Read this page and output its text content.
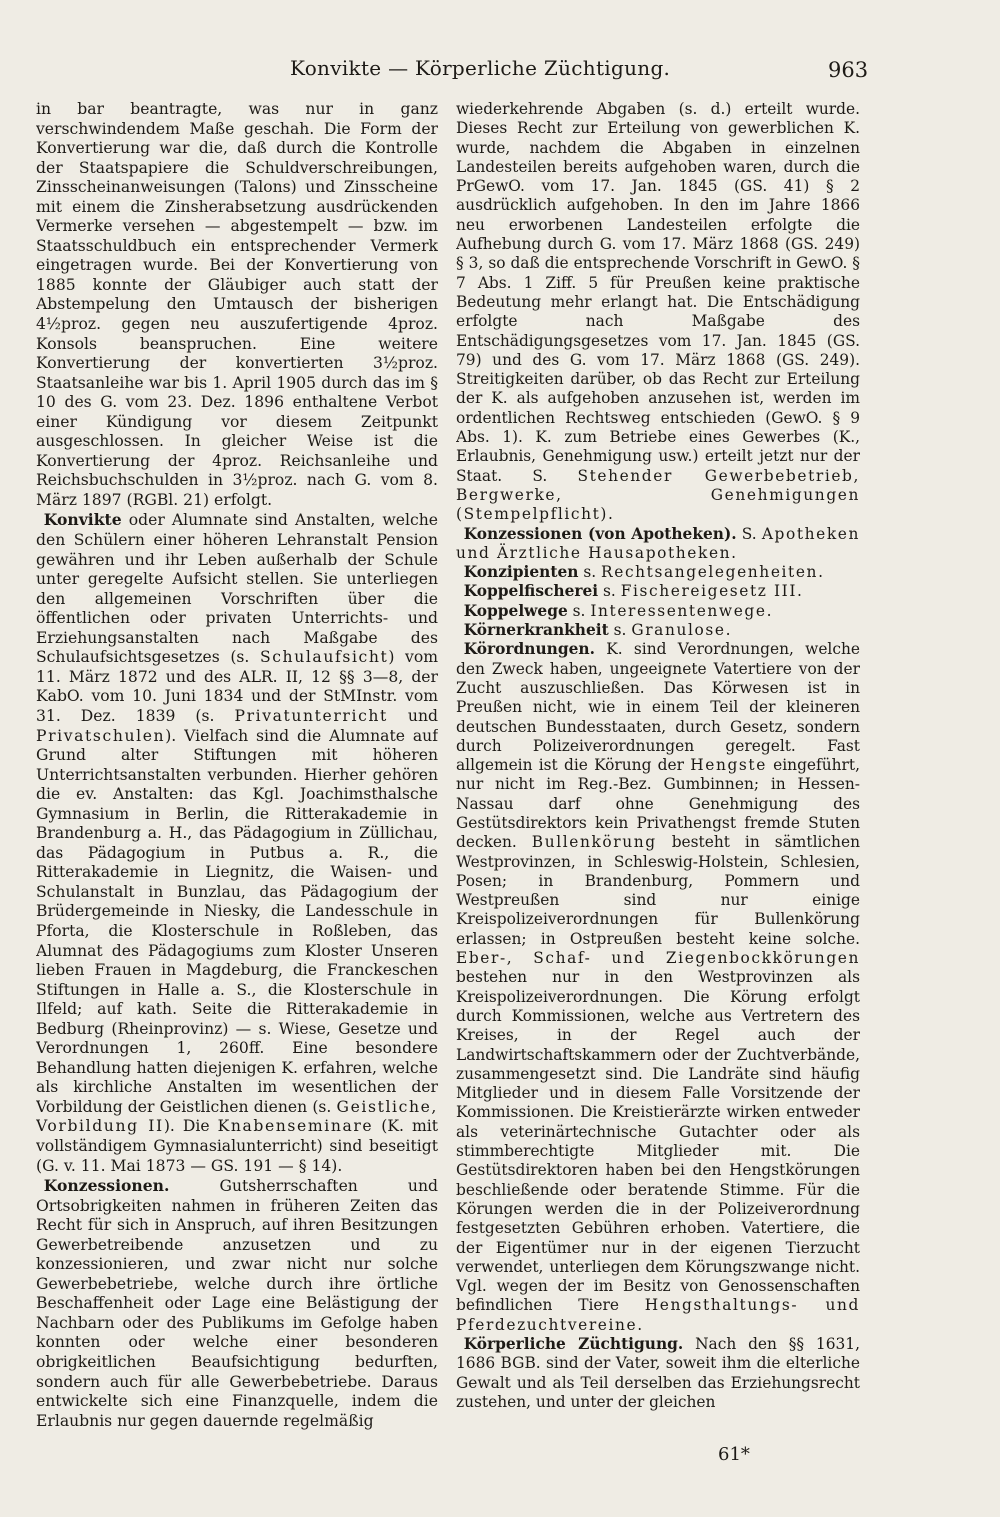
Konvikte — Körperliche Züchtigung.	963

in bar beantragte, was nur in ganz verschwindendem Maße geschah. Die Form der Konvertierung war die, daß durch die Kontrolle der Staatspapiere die Schuldverschreibungen, Zinsscheinanweisungen (Talons) und Zinsscheine mit einem die Zinsherabsetzung ausdrückenden Vermerke versehen — abgestempelt — bzw. im Staatsschuldbuch ein entsprechender Vermerk eingetragen wurde. Bei der Konvertierung von 1885 konnte der Gläubiger auch statt der Abstempelung den Umtausch der bisherigen 4½proz. gegen neu auszufertigende 4proz. Konsols beanspruchen. Eine weitere Konvertierung der konvertierten 3½proz. Staatsanleihe war bis 1. April 1905 durch das im § 10 des G. vom 23. Dez. 1896 enthaltene Verbot einer Kündigung vor diesem Zeitpunkt ausgeschlossen. In gleicher Weise ist die Konvertierung der 4proz. Reichsanleihe und Reichsbuchschulden in 3½proz. nach G. vom 8. März 1897 (RGBl. 21) erfolgt.

 Konvikte oder Alumnate sind Anstalten, welche den Schülern einer höheren Lehranstalt Pension gewähren und ihr Leben außerhalb der Schule unter geregelte Aufsicht stellen. Sie unterliegen den allgemeinen Vorschriften über die öffentlichen oder privaten Unterrichts- und Erziehungsanstalten nach Maßgabe des Schulaufsichtsgesetzes (s. Schulaufsicht) vom 11. März 1872 und des ALR. II, 12 §§ 3—8, der KabO. vom 10. Juni 1834 und der StMInstr. vom 31. Dez. 1839 (s. Privatunterricht und Privatschulen). Vielfach sind die Alumnate auf Grund alter Stiftungen mit höheren Unterrichtsanstalten verbunden. Hierher gehören die ev. Anstalten: das Kgl. Joachimsthalsche Gymnasium in Berlin, die Ritterakademie in Brandenburg a. H., das Pädagogium in Züllichau, das Pädagogium in Putbus a. R., die Ritterakademie in Liegnitz, die Waisen- und Schulanstalt in Bunzlau, das Pädagogium der Brüdergemeinde in Niesky, die Landesschule in Pforta, die Klosterschule in Roßleben, das Alumnat des Pädagogiums zum Kloster Unseren lieben Frauen in Magdeburg, die Franckeschen Stiftungen in Halle a. S., die Klosterschule in Ilfeld; auf kath. Seite die Ritterakademie in Bedburg (Rheinprovinz) — s. Wiese, Gesetze und Verordnungen 1, 260ff. Eine besondere Behandlung hatten diejenigen K. erfahren, welche als kirchliche Anstalten im wesentlichen der Vorbildung der Geistlichen dienen (s. Geistliche, Vorbildung II). Die Knabenseminare (K. mit vollständigem Gymnasialunterricht) sind beseitigt (G. v. 11. Mai 1873 — GS. 191 — § 14).

 Konzessionen. Gutsherrschaften und Ortsobrigkeiten nahmen in früheren Zeiten das Recht für sich in Anspruch, auf ihren Besitzungen Gewerbetreibende anzusetzen und zu konzessionieren, und zwar nicht nur solche Gewerbebetriebe, welche durch ihre örtliche Beschaffenheit oder Lage eine Belästigung der Nachbarn oder des Publikums im Gefolge haben konnten oder welche einer besonderen obrigkeitlichen Beaufsichtigung bedurften, sondern auch für alle Gewerbebetriebe. Daraus entwickelte sich eine Finanzquelle, indem die Erlaubnis nur gegen dauernde regelmäßig

wiederkehrende Abgaben (s. d.) erteilt wurde. Dieses Recht zur Erteilung von gewerblichen K. wurde, nachdem die Abgaben in einzelnen Landesteilen bereits aufgehoben waren, durch die PrGewO. vom 17. Jan. 1845 (GS. 41) § 2 ausdrücklich aufgehoben. In den im Jahre 1866 neu erworbenen Landesteilen erfolgte die Aufhebung durch G. vom 17. März 1868 (GS. 249) § 3, so daß die entsprechende Vorschrift in GewO. § 7 Abs. 1 Ziff. 5 für Preußen keine praktische Bedeutung mehr erlangt hat. Die Entschädigung erfolgte nach Maßgabe des Entschädigungsgesetzes vom 17. Jan. 1845 (GS. 79) und des G. vom 17. März 1868 (GS. 249). Streitigkeiten darüber, ob das Recht zur Erteilung der K. als aufgehoben anzusehen ist, werden im ordentlichen Rechtsweg entschieden (GewO. § 9 Abs. 1). K. zum Betriebe eines Gewerbes (K., Erlaubnis, Genehmigung usw.) erteilt jetzt nur der Staat. S. Stehender Gewerbebetrieb, Bergwerke, Genehmigungen (Stempelpflicht).

 Konzessionen (von Apotheken). S. Apotheken und Ärztliche Hausapotheken.

 Konzipienten s. Rechtsangelegenheiten.

 Koppelfischerei s. Fischereigesetz III.

 Koppelwege s. Interessentenwege.

 Körnerkrankheit s. Granulose.

 Körordnungen. K. sind Verordnungen, welche den Zweck haben, ungeeignete Vatertiere von der Zucht auszuschließen. Das Körwesen ist in Preußen nicht, wie in einem Teil der kleineren deutschen Bundesstaaten, durch Gesetz, sondern durch Polizeiverordnungen geregelt. Fast allgemein ist die Körung der Hengste eingeführt, nur nicht im Reg.-Bez. Gumbinnen; in Hessen-Nassau darf ohne Genehmigung des Gestütsdirektors kein Privathengst fremde Stuten decken. Bullenkörung besteht in sämtlichen Westprovinzen, in Schleswig-Holstein, Schlesien, Posen; in Brandenburg, Pommern und Westpreußen sind nur einige Kreispolizeiverordnungen für Bullenkörung erlassen; in Ostpreußen besteht keine solche. Eber-, Schaf- und Ziegenbockkörungen bestehen nur in den Westprovinzen als Kreispolizeiverordnungen. Die Körung erfolgt durch Kommissionen, welche aus Vertretern des Kreises, in der Regel auch der Landwirtschaftskammern oder der Zuchtverbände, zusammengesetzt sind. Die Landräte sind häufig Mitglieder und in diesem Falle Vorsitzende der Kommissionen. Die Kreistierärzte wirken entweder als veterinärtechnische Gutachter oder als stimmberechtigte Mitglieder mit. Die Gestütsdirektoren haben bei den Hengstkörungen beschließende oder beratende Stimme. Für die Körungen werden die in der Polizeiverordnung festgesetzten Gebühren erhoben. Vatertiere, die der Eigentümer nur in der eigenen Tierzucht verwendet, unterliegen dem Körungszwange nicht. Vgl. wegen der im Besitz von Genossenschaften befindlichen Tiere Hengsthaltungs- und Pferdezuchtvereine.

 Körperliche Züchtigung. Nach den §§ 1631, 1686 BGB. sind der Vater, soweit ihm die elterliche Gewalt und als Teil derselben das Erziehungsrecht zustehen, und unter der gleichen

61*
